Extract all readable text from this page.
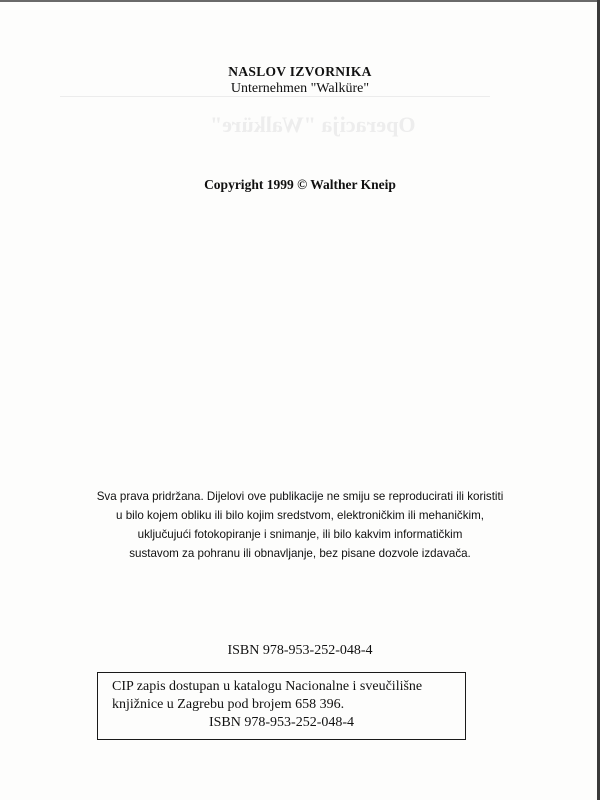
Operacija "Walküre"
NASLOV IZVORNIKA
Unternehmen "Walküre"
Copyright 1999 © Walther Kneip
Sva prava pridržana. Dijelovi ove publikacije ne smiju se reproducirati ili koristiti
u bilo kojem obliku ili bilo kojim sredstvom, elektroničkim ili mehaničkim,
uključujući fotokopiranje i snimanje, ili bilo kakvim informatičkim
sustavom za pohranu ili obnavljanje, bez pisane dozvole izdavača.
ISBN 978-953-252-048-4
CIP zapis dostupan u katalogu Nacionalne i sveučilišne
knjižnice u Zagrebu pod brojem 658 396.
ISBN 978-953-252-048-4
